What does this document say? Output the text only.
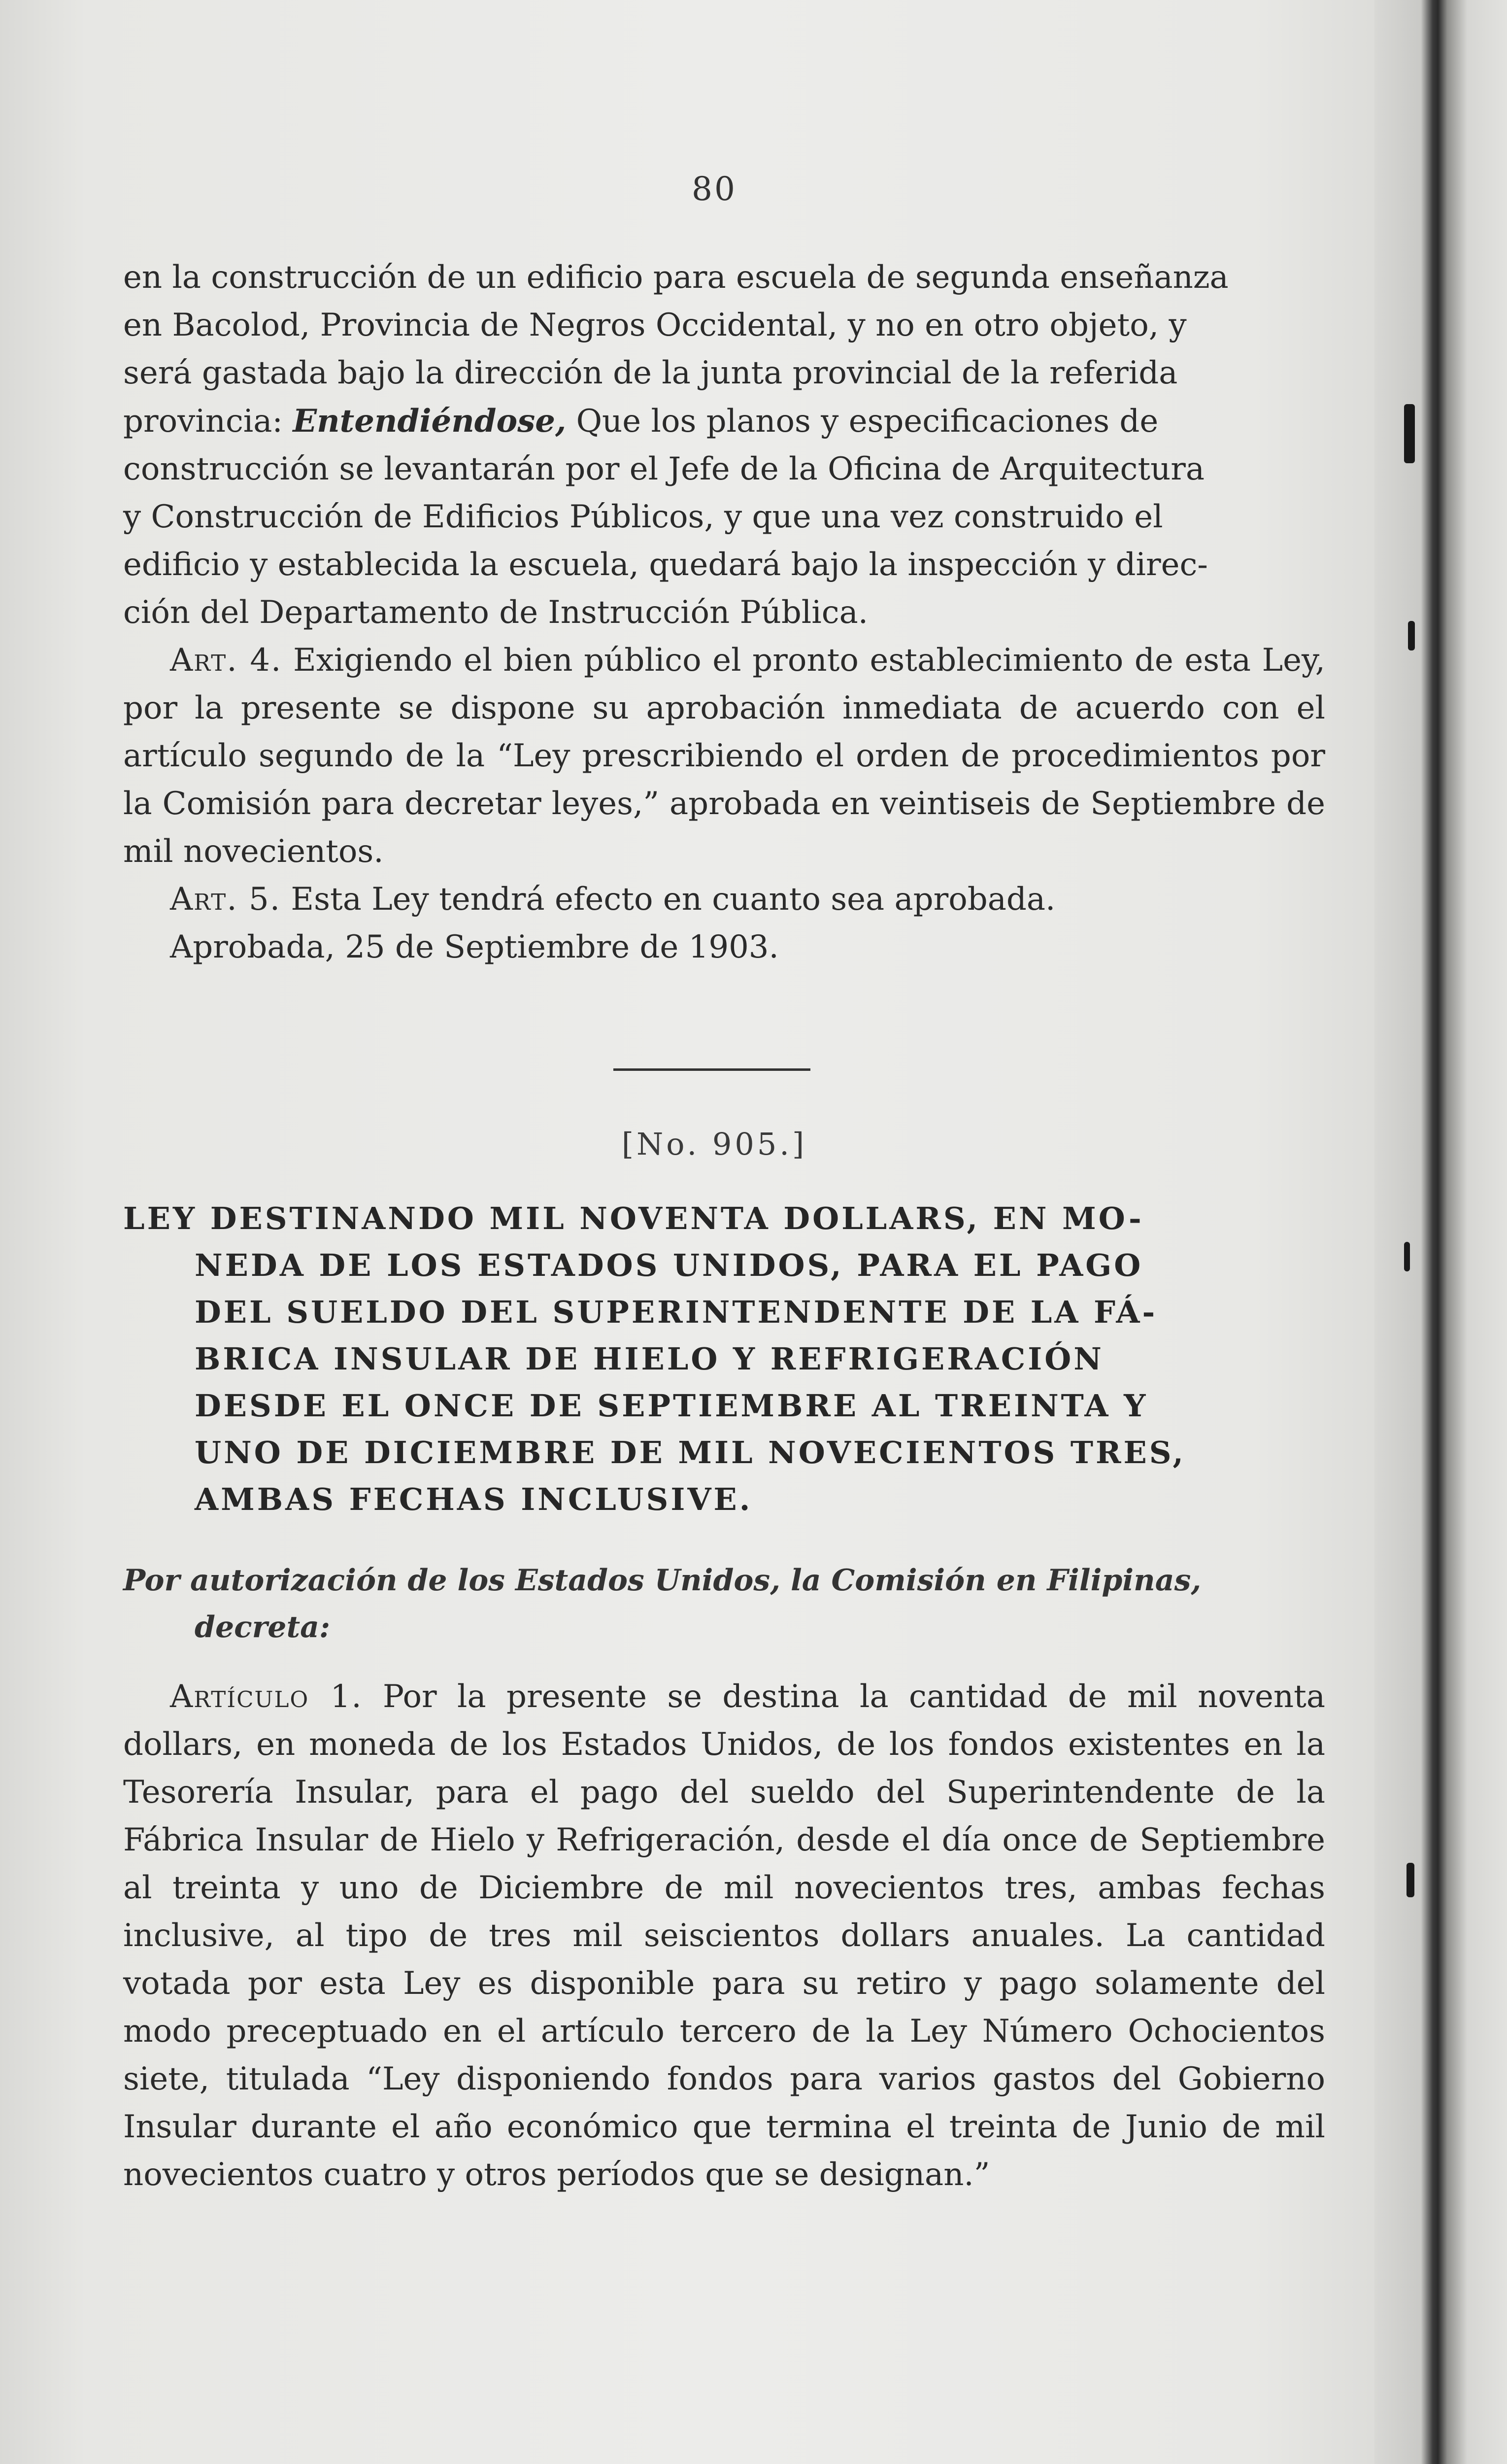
80

en la construcción de un edificio para escuela de segunda enseñanza

en Bacolod, Provincia de Negros Occidental, y no en otro objeto, y

será gastada bajo la dirección de la junta provincial de la referida

provincia: Entendiéndose, Que los planos y especificaciones de

construcción se levantarán por el Jefe de la Oficina de Arquitectura

y Construcción de Edificios Públicos, y que una vez construido el

edificio y establecida la escuela, quedará bajo la inspección y direc-

ción del Departamento de Instrucción Pública.

Art. 4. Exigiendo el bien público el pronto establecimiento de esta Ley, por la presente se dispone su aprobación inmediata de acuerdo con el artículo segundo de la “Ley prescribiendo el orden de procedimientos por la Comisión para decretar leyes,” aprobada en veintiseis de Septiembre de mil novecientos.

Art. 5. Esta Ley tendrá efecto en cuanto sea aprobada.

Aprobada, 25 de Septiembre de 1903.

[No. 905.]
LEY DESTINANDO MIL NOVENTA DOLLARS, EN MO-
NEDA DE LOS ESTADOS UNIDOS, PARA EL PAGO
DEL SUELDO DEL SUPERINTENDENTE DE LA FÁ-
BRICA INSULAR DE HIELO Y REFRIGERACIÓN
DESDE EL ONCE DE SEPTIEMBRE AL TREINTA Y
UNO DE DICIEMBRE DE MIL NOVECIENTOS TRES,
AMBAS FECHAS INCLUSIVE.
Por autorización de los Estados Unidos, la Comisión en Filipinas,
decreta:

Artículo 1. Por la presente se destina la cantidad de mil noventa dollars, en moneda de los Estados Unidos, de los fondos existentes en la Tesorería Insular, para el pago del sueldo del Superintendente de la Fábrica Insular de Hielo y Refrigeración, desde el día once de Septiembre al treinta y uno de Diciembre de mil novecientos tres, ambas fechas inclusive, al tipo de tres mil seiscientos dollars anuales. La cantidad votada por esta Ley es disponible para su retiro y pago solamente del modo preceptuado en el artículo tercero de la Ley Número Ochocientos siete, titulada “Ley disponiendo fondos para varios gastos del Gobierno Insular durante el año económico que termina el treinta de Junio de mil novecientos cuatro y otros períodos que se designan.”
